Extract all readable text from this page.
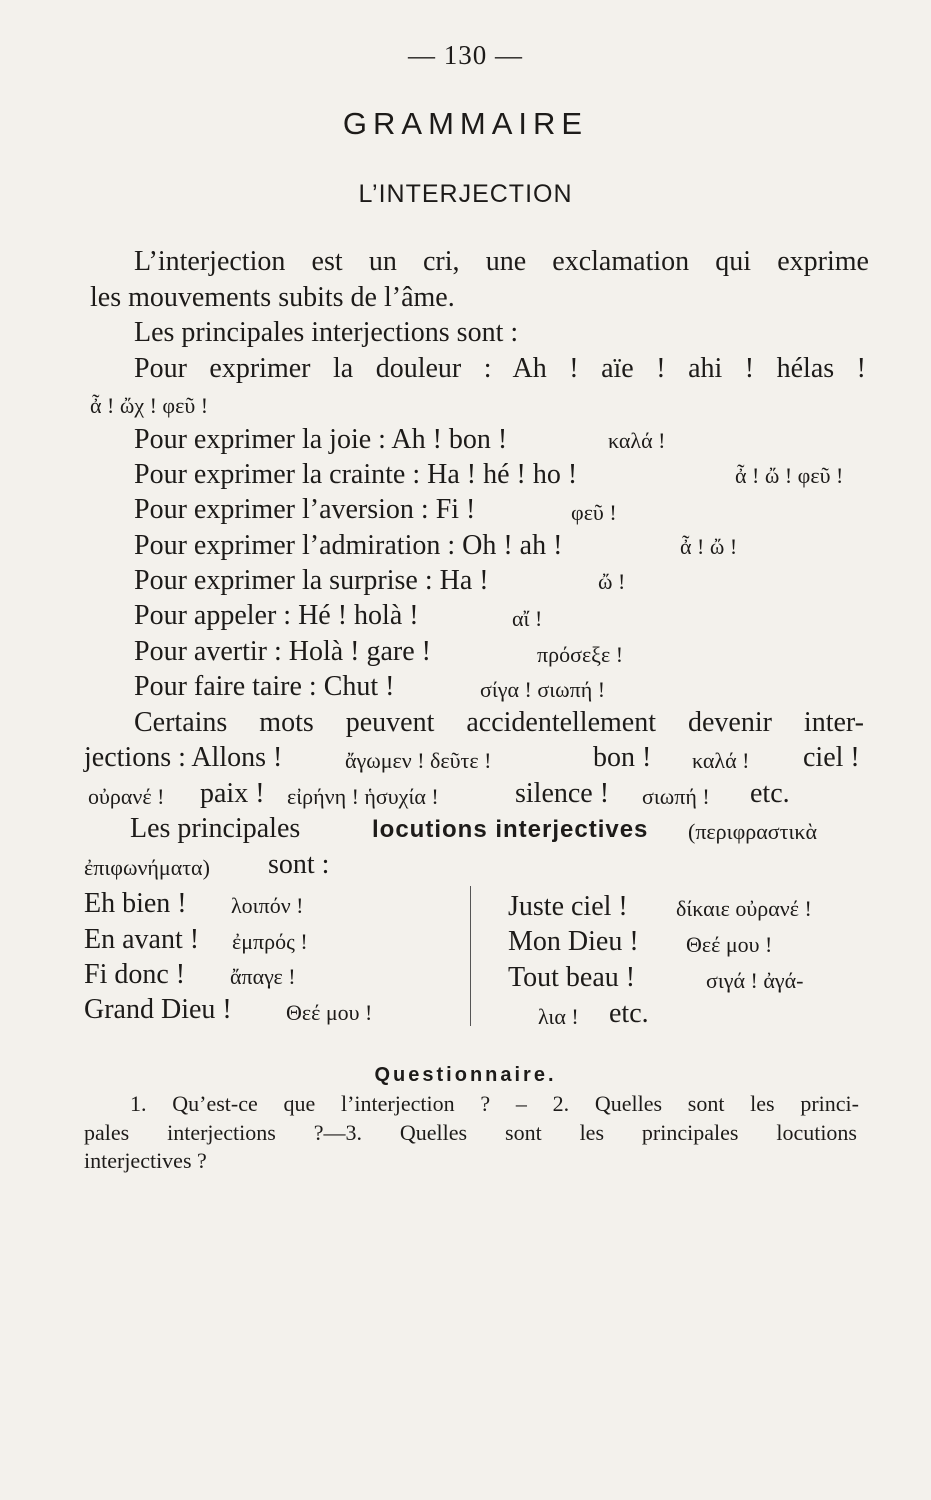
— 130 —
GRAMMAIRE
L’INTERJECTION
L’interjection est un cri, une exclamation qui exprime
les mouvements subits de l’âme.
Les principales interjections sont :
Pour exprimer la douleur : Ah ! aïe ! ahi ! hélas !
ἆ ! ὤχ ! φεῦ !
Pour exprimer la joie : Ah ! bon !	καλά !
Pour exprimer la crainte : Ha ! hé ! ho !	ἆ ! ὤ ! φεῦ !
Pour exprimer l’aversion : Fi !	φεῦ !
Pour exprimer l’admiration : Oh ! ah !	ἆ ! ὤ !
Pour exprimer la surprise : Ha !	ὤ !
Pour appeler : Hé ! holà !	αἴ !
Pour avertir : Holà ! gare !	πρόσεξε !
Pour faire taire : Chut !	σίγα ! σιωπή !
Certains mots peuvent accidentellement devenir inter-
jections : Allons !	ἄγωμεν ! δεῦτε !	bon ! καλά ! ciel !
οὐρανέ ! paix ! εἰρήνη ! ἡσυχία !	silence ! σιωπή ! etc.
Les principales	locutions interjectives (περιφραστικὰ
ἐπιφωνήματα) sont :
Eh bien ! λοιπόν !
En avant ! ἐμπρός !
Fi donc ! ἄπαγε !
Grand Dieu ! Θεέ μου !
Juste ciel ! δίκαιε οὐρανέ !
Mon Dieu ! Θεέ μου !
Tout beau !	σιγά ! ἀγά-
λια ! etc.
Questionnaire.
1. Qu’est-ce que l’interjection ? – 2. Quelles sont les princi-
pales interjections ?—3. Quelles sont les principales locutions
interjectives ?
